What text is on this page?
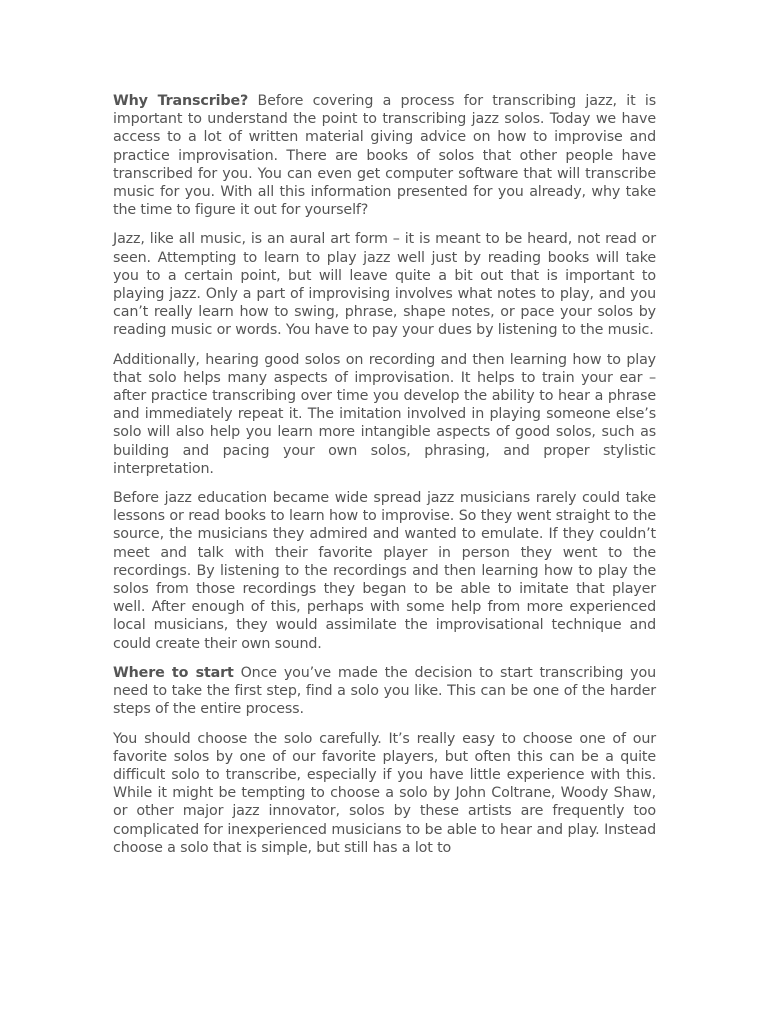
Why Transcribe? Before covering a process for transcribing jazz, it is important to understand the point to transcribing jazz solos. Today we have access to a lot of written material giving advice on how to improvise and practice improvisation. There are books of solos that other people have transcribed for you. You can even get computer software that will transcribe music for you. With all this information presented for you already, why take the time to figure it out for yourself?

Jazz, like all music, is an aural art form – it is meant to be heard, not read or seen. Attempting to learn to play jazz well just by reading books will take you to a certain point, but will leave quite a bit out that is important to playing jazz. Only a part of improvising involves what notes to play, and you can’t really learn how to swing, phrase, shape notes, or pace your solos by reading music or words. You have to pay your dues by listening to the music.

Additionally, hearing good solos on recording and then learning how to play that solo helps many aspects of improvisation. It helps to train your ear – after practice transcribing over time you develop the ability to hear a phrase and immediately repeat it. The imitation involved in playing someone else’s solo will also help you learn more intangible aspects of good solos, such as building and pacing your own solos, phrasing, and proper stylistic interpretation.

Before jazz education became wide spread jazz musicians rarely could take lessons or read books to learn how to improvise. So they went straight to the source, the musicians they admired and wanted to emulate. If they couldn’t meet and talk with their favorite player in person they went to the recordings. By listening to the recordings and then learning how to play the solos from those recordings they began to be able to imitate that player well. After enough of this, perhaps with some help from more experienced local musicians, they would assimilate the improvisational technique and could create their own sound.

Where to start Once you’ve made the decision to start transcribing you need to take the first step, find a solo you like. This can be one of the harder steps of the entire process.

You should choose the solo carefully. It’s really easy to choose one of our favorite solos by one of our favorite players, but often this can be a quite difficult solo to transcribe, especially if you have little experience with this. While it might be tempting to choose a solo by John Coltrane, Woody Shaw, or other major jazz innovator, solos by these artists are frequently too complicated for inexperienced musicians to be able to hear and play. Instead choose a solo that is simple, but still has a lot to
